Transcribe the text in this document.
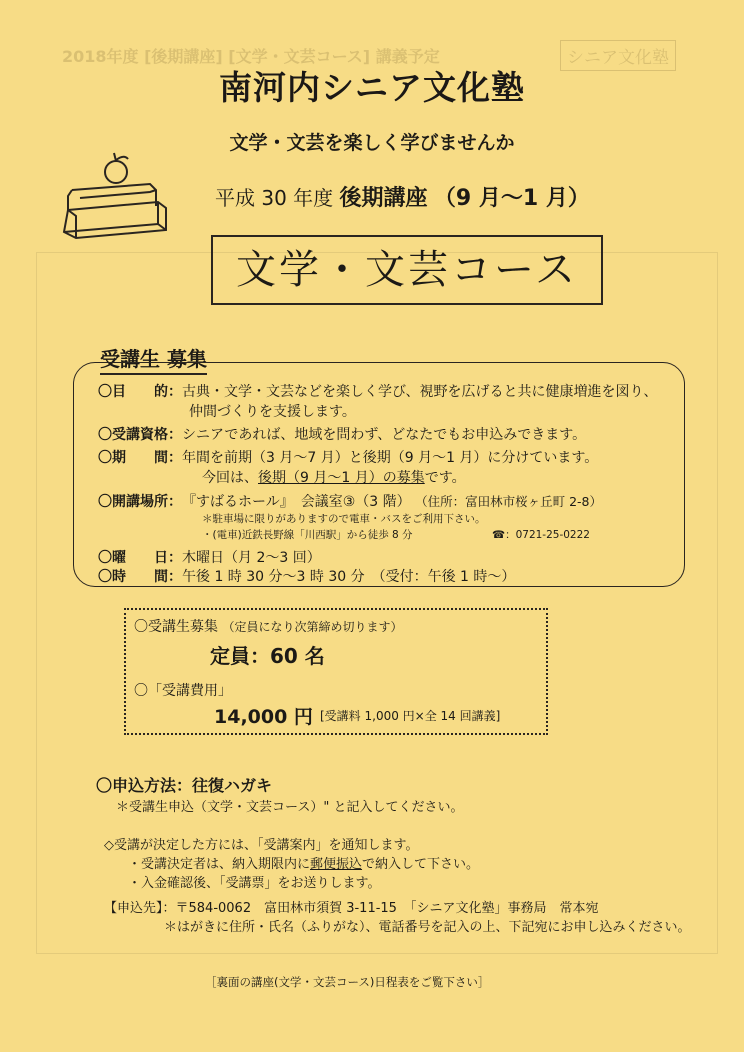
2018年度 [後期講座] [文学・文芸コース] 講義予定	シニア文化塾
南河内シニア文化塾
文学・文芸を楽しく学びませんか
平成 30 年度 後期講座 （9 月〜1 月）
文学・文芸コース
受講生 募集
〇目　　的：古典・文学・文芸などを楽しく学び、視野を広げると共に健康増進を図り、
仲間づくりを支援します。
〇受講資格：シニアであれば、地域を問わず、どなたでもお申込みできます。
〇期　　間：年間を前期（3 月〜7 月）と後期（9 月〜1 月）に分けています。
今回は、後期（9 月〜1 月）の募集です。
〇開講場所：『すばるホール』　会議室③（3 階） （住所：富田林市桜ヶ丘町 2-8）
＊駐車場に限りがありますので電車・バスをご利用下さい。
・(電車)近鉄長野線「川西駅」から徒歩 8 分	☎：0721-25-0222
〇曜　　日：木曜日（月 2〜3 回）
〇時　　間：午後 1 時 30 分〜3 時 30 分　（受付：午後 1 時〜）
〇受講生募集 （定員になり次第締め切ります）
定員：60 名
〇「受講費用」
14,000 円 [受講料 1,000 円×全 14 回講義]
〇申込方法：往復ハガキ
＊受講生申込（文学・文芸コース）" と記入してください。
◇受講が決定した方には、「受講案内」を通知します。
・受講決定者は、納入期限内に郵便振込で納入して下さい。
・入金確認後、「受講票」をお送りします。
【申込先】：〒584-0062　富田林市須賀 3-11-15　「シニア文化塾」事務局　常本宛
＊はがきに住所・氏名（ふりがな）、電話番号を記入の上、下記宛にお申し込みください。
［裏面の講座(文学・文芸コース)日程表をご覧下さい］
